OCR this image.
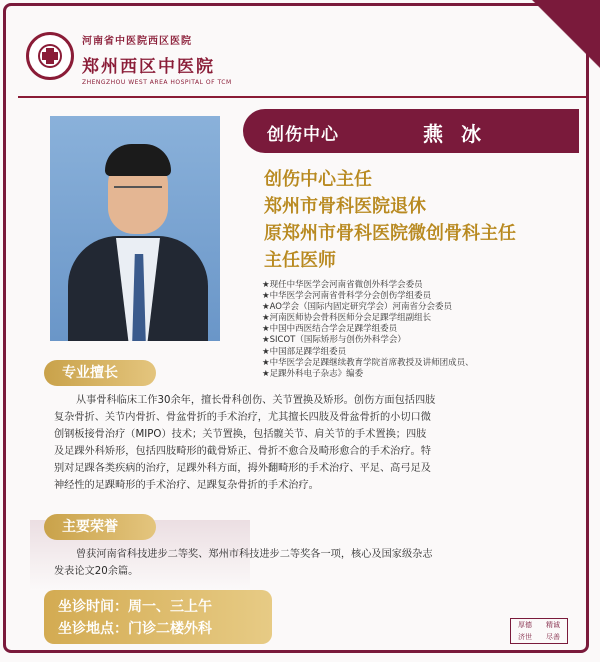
河南省中医院西区医院
郑州西区中医院
ZHENGZHOU WEST AREA HOSPITAL OF TCM
创伤中心	燕冰
创伤中心主任
郑州市骨科医院退休
原郑州市骨科医院微创骨科主任
主任医师
★现任中华医学会河南省微创外科学会委员
★中华医学会河南省骨科学分会创伤学组委员
★AO学会（国际内固定研究学会）河南省分会委员
★河南医师协会骨科医师分会足踝学组副组长
★中国中西医结合学会足踝学组委员
★SICOT（国际矫形与创伤外科学会）
★中国部足踝学组委员
★中华医学会足踝继续教育学院首席教授及讲师团成员、
★足踝外科电子杂志》编委
专业擅长
从事骨科临床工作30余年，擅长骨科创伤、关节置换及矫形。创伤方面包括四肢
复杂骨折、关节内骨折、骨盆骨折的手术治疗，尤其擅长四肢及骨盆骨折的小切口微
创钢板接骨治疗（MIPO）技术；关节置换，包括髋关节、肩关节的手术置换；四肢
及足踝外科矫形，包括四肢畸形的截骨矫正、骨折不愈合及畸形愈合的手术治疗。特
别对足踝各类疾病的治疗，足踝外科方面，拇外翻畸形的手术治疗、平足、高弓足及
神经性的足踝畸形的手术治疗、足踝复杂骨折的手术治疗。
主要荣誉
曾获河南省科技进步二等奖、郑州市科技进步二等奖各一项，核心及国家级杂志
发表论文20余篇。
坐诊时间：周一、三上午
坐诊地点：门诊二楼外科	厚德	精诚
济世	尽善
